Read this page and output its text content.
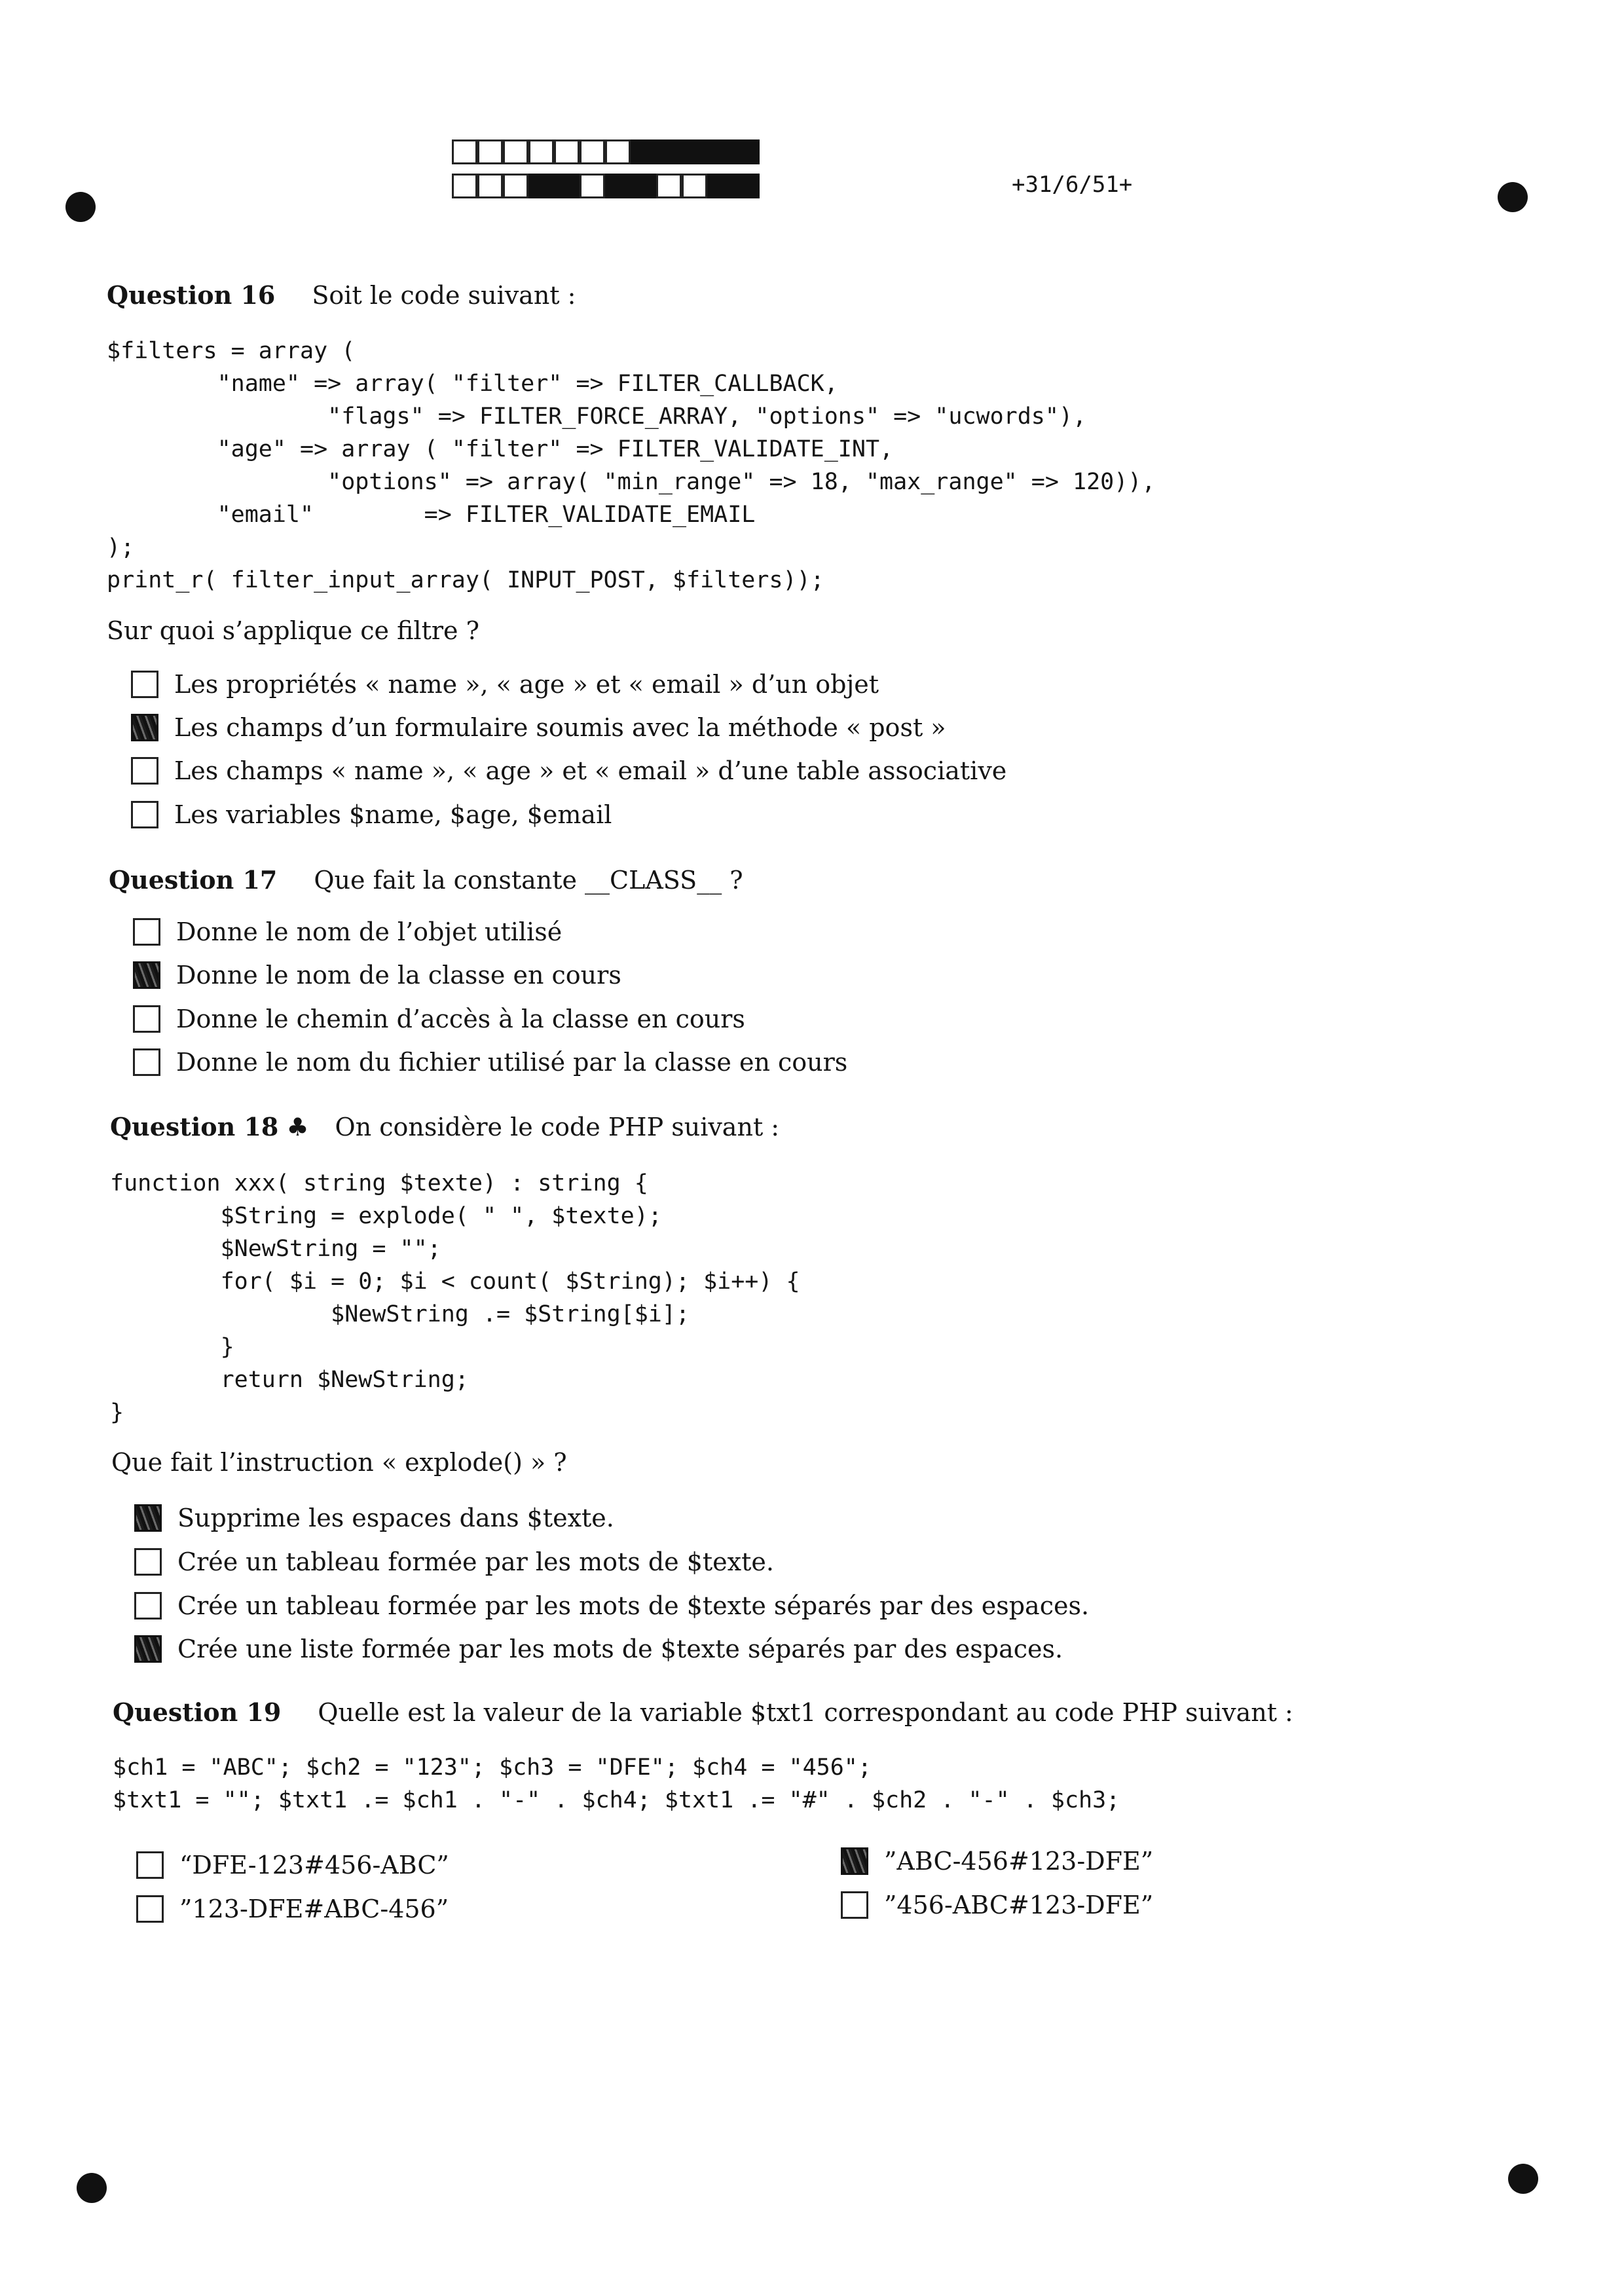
+31/6/51+
Question 16 Soit le code suivant :
$filters = array (
"name" => array( "filter" => FILTER_CALLBACK,
"flags" => FILTER_FORCE_ARRAY, "options" => "ucwords"),
"age" => array ( "filter" => FILTER_VALIDATE_INT,
"options" => array( "min_range" => 18, "max_range" => 120)),
"email"        => FILTER_VALIDATE_EMAIL
);
print_r( filter_input_array( INPUT_POST, $filters));
Sur quoi s’applique ce filtre ?
Les propriétés « name », « age » et « email » d’un objet
Les champs d’un formulaire soumis avec la méthode « post »
Les champs « name », « age » et « email » d’une table associative
Les variables $name, $age, $email
Question 17 Que fait la constante __CLASS__ ?
Donne le nom de l’objet utilisé
Donne le nom de la classe en cours
Donne le chemin d’accès à la classe en cours
Donne le nom du fichier utilisé par la classe en cours
Question 18 ♣ On considère le code PHP suivant :
function xxx( string $texte) : string {
$String = explode( " ", $texte);
$NewString = "";
for( $i = 0; $i < count( $String); $i++) {
$NewString .= $String[$i];
}
return $NewString;
}
Que fait l’instruction « explode() » ?
Supprime les espaces dans $texte.
Crée un tableau formée par les mots de $texte.
Crée un tableau formée par les mots de $texte séparés par des espaces.
Crée une liste formée par les mots de $texte séparés par des espaces.
Question 19 Quelle est la valeur de la variable $txt1 correspondant au code PHP suivant :
$ch1 = "ABC"; $ch2 = "123"; $ch3 = "DFE"; $ch4 = "456";
$txt1 = ""; $txt1 .= $ch1 . "-" . $ch4; $txt1 .= "#" . $ch2 . "-" . $ch3;
“DFE-123#456-ABC”
”123-DFE#ABC-456”
”ABC-456#123-DFE”
”456-ABC#123-DFE”
